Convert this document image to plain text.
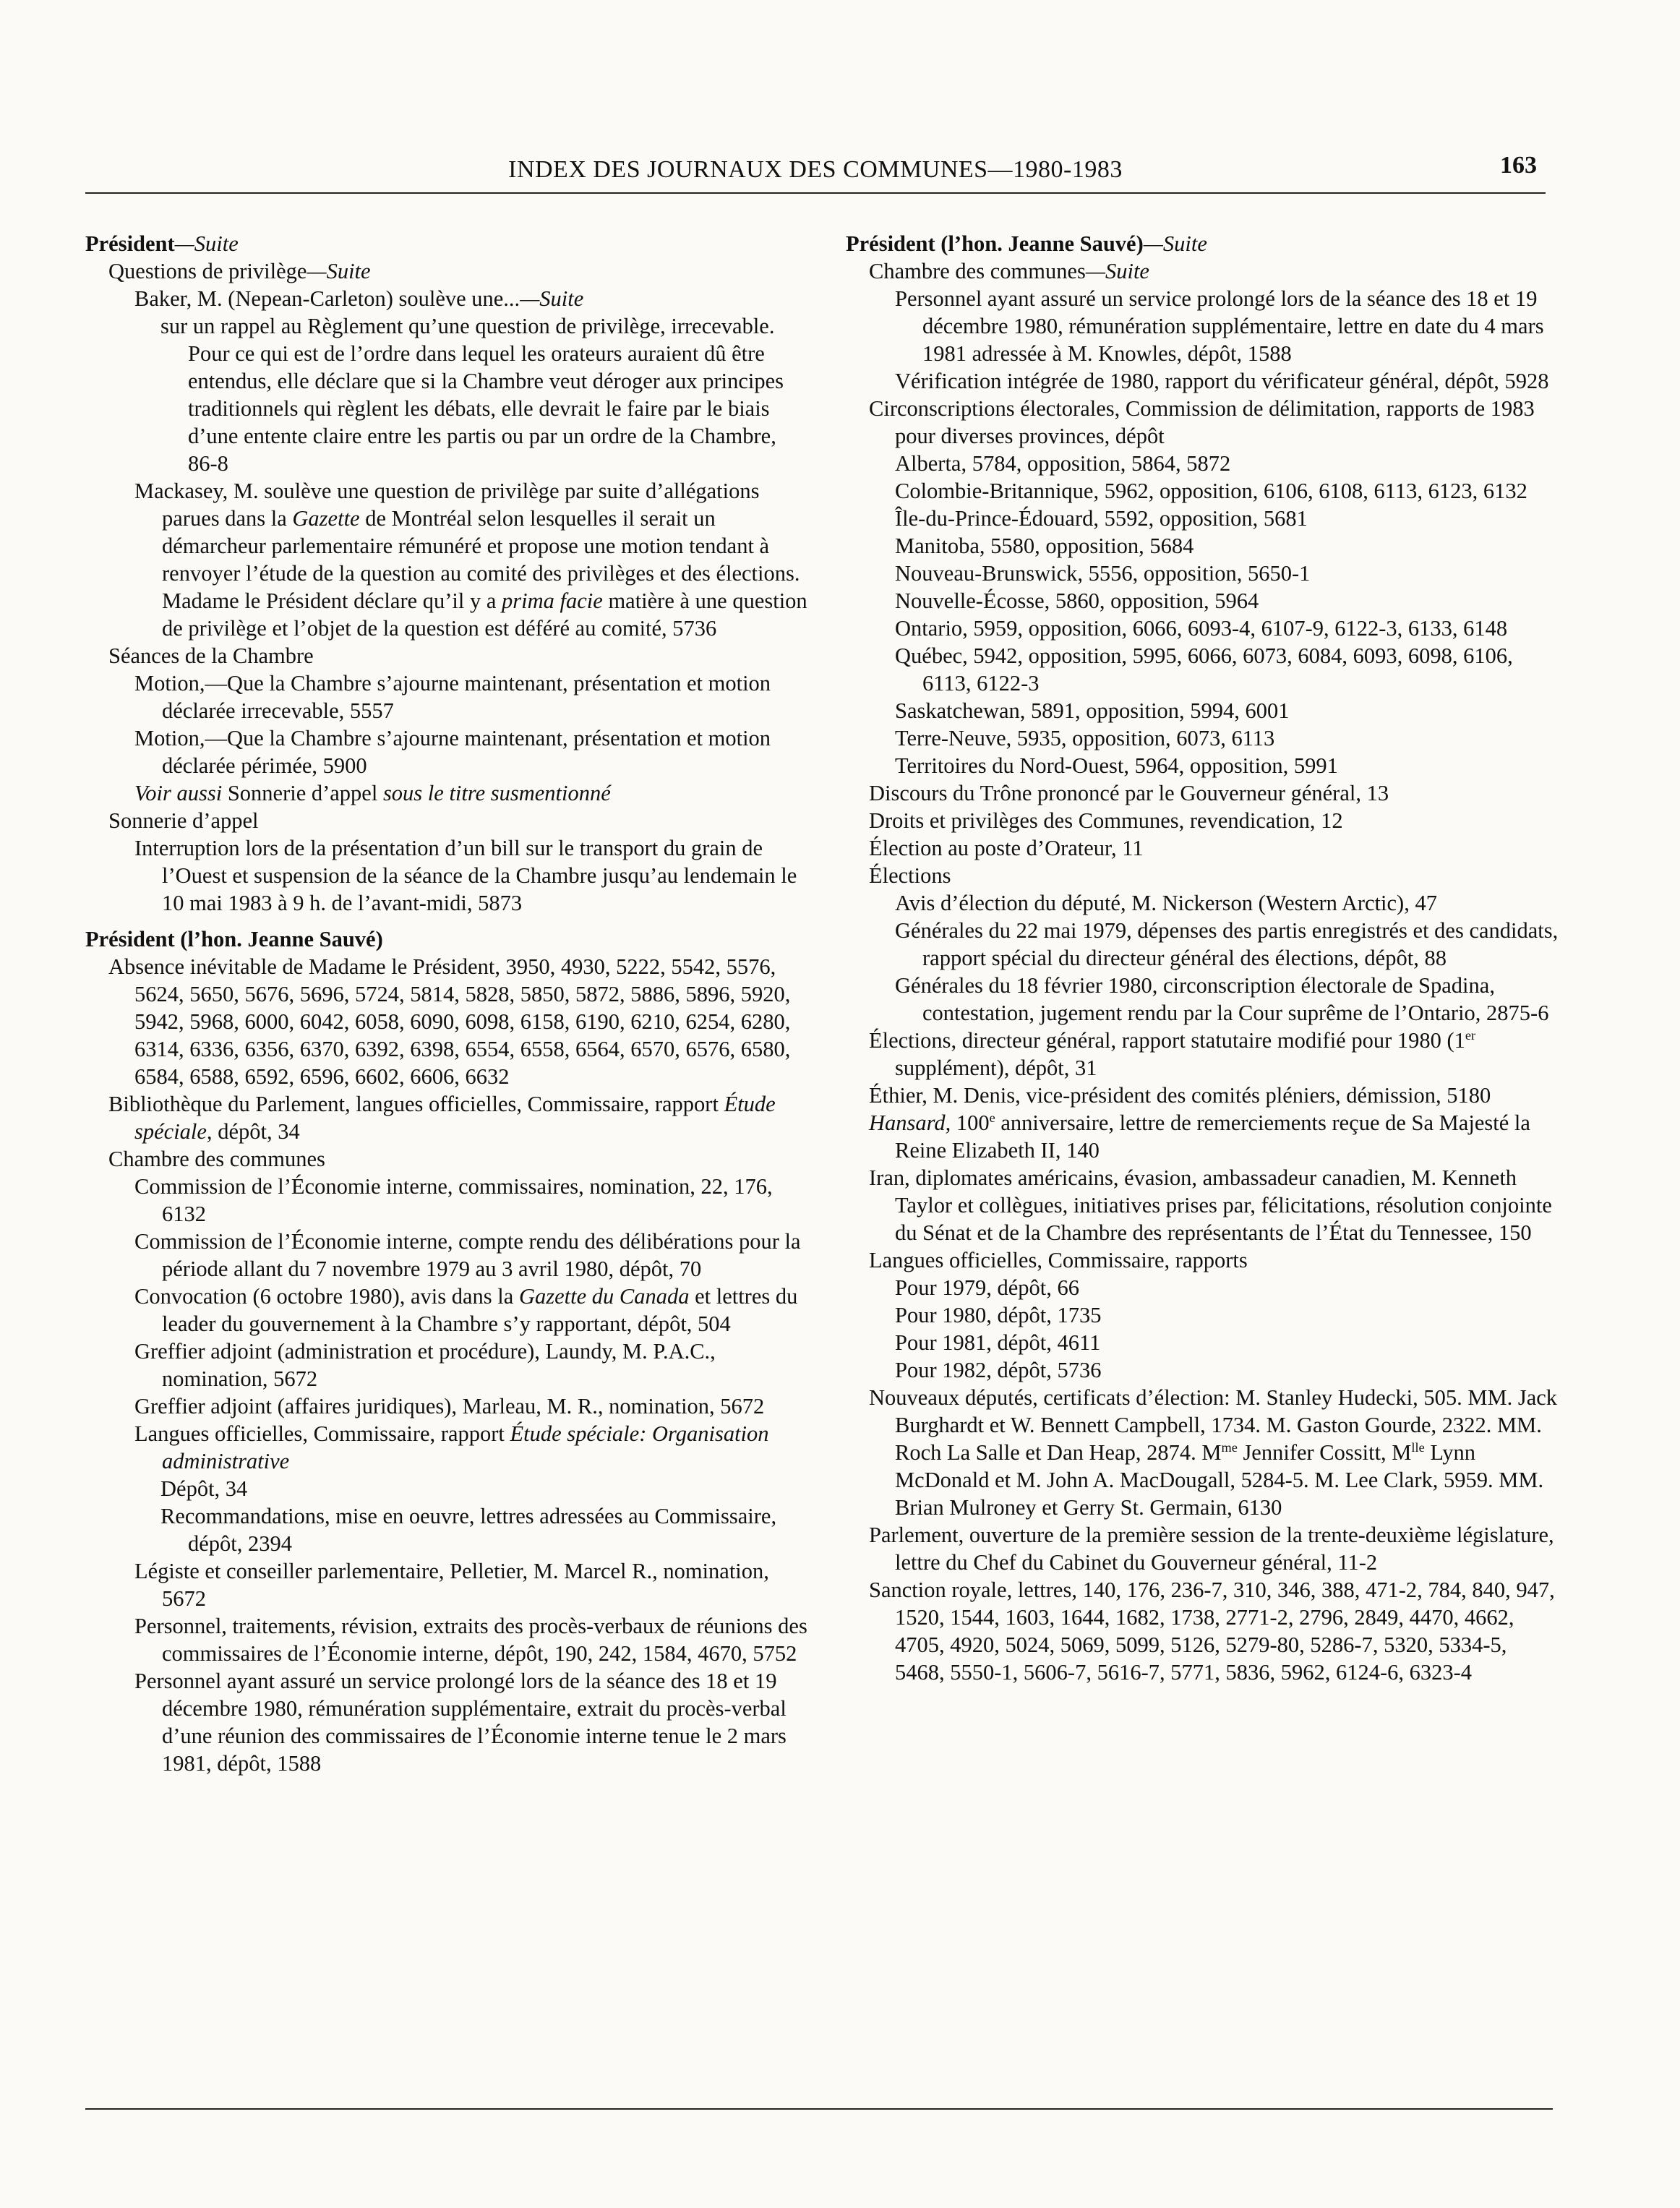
INDEX DES JOURNAUX DES COMMUNES—1980-1983	163
Président—Suite
Questions de privilège—Suite
Baker, M. (Nepean-Carleton) soulève une...—Suite
sur un rappel au Règlement qu’une question de privilège, irrecevable. Pour ce qui est de l’ordre dans lequel les orateurs auraient dû être entendus, elle déclare que si la Chambre veut déroger aux principes traditionnels qui règlent les débats, elle devrait le faire par le biais d’une entente claire entre les partis ou par un ordre de la Chambre, 86-8
Mackasey, M. soulève une question de privilège par suite d’allégations parues dans la Gazette de Montréal selon lesquelles il serait un démarcheur parlementaire rémunéré et propose une motion tendant à renvoyer l’étude de la question au comité des privilèges et des élections. Madame le Président déclare qu’il y a prima facie matière à une question de privilège et l’objet de la question est déféré au comité, 5736
Séances de la Chambre
Motion,—Que la Chambre s’ajourne maintenant, présentation et motion déclarée irrecevable, 5557
Motion,—Que la Chambre s’ajourne maintenant, présentation et motion déclarée périmée, 5900
Voir aussi Sonnerie d’appel sous le titre susmentionné
Sonnerie d’appel
Interruption lors de la présentation d’un bill sur le transport du grain de l’Ouest et suspension de la séance de la Chambre jusqu’au lendemain le 10 mai 1983 à 9 h. de l’avant-midi, 5873
Président (l’hon. Jeanne Sauvé)
Absence inévitable de Madame le Président, 3950, 4930, 5222, 5542, 5576, 5624, 5650, 5676, 5696, 5724, 5814, 5828, 5850, 5872, 5886, 5896, 5920, 5942, 5968, 6000, 6042, 6058, 6090, 6098, 6158, 6190, 6210, 6254, 6280, 6314, 6336, 6356, 6370, 6392, 6398, 6554, 6558, 6564, 6570, 6576, 6580, 6584, 6588, 6592, 6596, 6602, 6606, 6632
Bibliothèque du Parlement, langues officielles, Commissaire, rapport Étude spéciale, dépôt, 34
Chambre des communes
Commission de l’Économie interne, commissaires, nomination, 22, 176, 6132
Commission de l’Économie interne, compte rendu des délibérations pour la période allant du 7 novembre 1979 au 3 avril 1980, dépôt, 70
Convocation (6 octobre 1980), avis dans la Gazette du Canada et lettres du leader du gouvernement à la Chambre s’y rapportant, dépôt, 504
Greffier adjoint (administration et procédure), Laundy, M. P.A.C., nomination, 5672
Greffier adjoint (affaires juridiques), Marleau, M. R., nomination, 5672
Langues officielles, Commissaire, rapport Étude spéciale: Organisation administrative
Dépôt, 34
Recommandations, mise en oeuvre, lettres adressées au Commissaire, dépôt, 2394
Légiste et conseiller parlementaire, Pelletier, M. Marcel R., nomination, 5672
Personnel, traitements, révision, extraits des procès-verbaux de réunions des commissaires de l’Économie interne, dépôt, 190, 242, 1584, 4670, 5752
Personnel ayant assuré un service prolongé lors de la séance des 18 et 19 décembre 1980, rémunération supplémentaire, extrait du procès-verbal d’une réunion des commissaires de l’Économie interne tenue le 2 mars 1981, dépôt, 1588
Président (l’hon. Jeanne Sauvé)—Suite
Chambre des communes—Suite
Personnel ayant assuré un service prolongé lors de la séance des 18 et 19 décembre 1980, rémunération supplémentaire, lettre en date du 4 mars 1981 adressée à M. Knowles, dépôt, 1588
Vérification intégrée de 1980, rapport du vérificateur général, dépôt, 5928
Circonscriptions électorales, Commission de délimitation, rapports de 1983 pour diverses provinces, dépôt
Alberta, 5784, opposition, 5864, 5872
Colombie-Britannique, 5962, opposition, 6106, 6108, 6113, 6123, 6132
Île-du-Prince-Édouard, 5592, opposition, 5681
Manitoba, 5580, opposition, 5684
Nouveau-Brunswick, 5556, opposition, 5650-1
Nouvelle-Écosse, 5860, opposition, 5964
Ontario, 5959, opposition, 6066, 6093-4, 6107-9, 6122-3, 6133, 6148
Québec, 5942, opposition, 5995, 6066, 6073, 6084, 6093, 6098, 6106, 6113, 6122-3
Saskatchewan, 5891, opposition, 5994, 6001
Terre-Neuve, 5935, opposition, 6073, 6113
Territoires du Nord-Ouest, 5964, opposition, 5991
Discours du Trône prononcé par le Gouverneur général, 13
Droits et privilèges des Communes, revendication, 12
Élection au poste d’Orateur, 11
Élections
Avis d’élection du député, M. Nickerson (Western Arctic), 47
Générales du 22 mai 1979, dépenses des partis enregistrés et des candidats, rapport spécial du directeur général des élections, dépôt, 88
Générales du 18 février 1980, circonscription électorale de Spadina, contestation, jugement rendu par la Cour suprême de l’Ontario, 2875-6
Élections, directeur général, rapport statutaire modifié pour 1980 (1er supplément), dépôt, 31
Éthier, M. Denis, vice-président des comités pléniers, démission, 5180
Hansard, 100e anniversaire, lettre de remerciements reçue de Sa Majesté la Reine Elizabeth II, 140
Iran, diplomates américains, évasion, ambassadeur canadien, M. Kenneth Taylor et collègues, initiatives prises par, félicitations, résolution conjointe du Sénat et de la Chambre des représentants de l’État du Tennessee, 150
Langues officielles, Commissaire, rapports
Pour 1979, dépôt, 66
Pour 1980, dépôt, 1735
Pour 1981, dépôt, 4611
Pour 1982, dépôt, 5736
Nouveaux députés, certificats d’élection: M. Stanley Hudecki, 505. MM. Jack Burghardt et W. Bennett Campbell, 1734. M. Gaston Gourde, 2322. MM. Roch La Salle et Dan Heap, 2874. $M^{me}$ Jennifer Cossitt, $M^{lle}$ Lynn McDonald et M. John A. MacDougall, 5284-5. M. Lee Clark, 5959. MM. Brian Mulroney et Gerry St. Germain, 6130
Parlement, ouverture de la première session de la trente-deuxième législature, lettre du Chef du Cabinet du Gouverneur général, 11-2
Sanction royale, lettres, 140, 176, 236-7, 310, 346, 388, 471-2, 784, 840, 947, 1520, 1544, 1603, 1644, 1682, 1738, 2771-2, 2796, 2849, 4470, 4662, 4705, 4920, 5024, 5069, 5099, 5126, 5279-80, 5286-7, 5320, 5334-5, 5468, 5550-1, 5606-7, 5616-7, 5771, 5836, 5962, 6124-6, 6323-4
